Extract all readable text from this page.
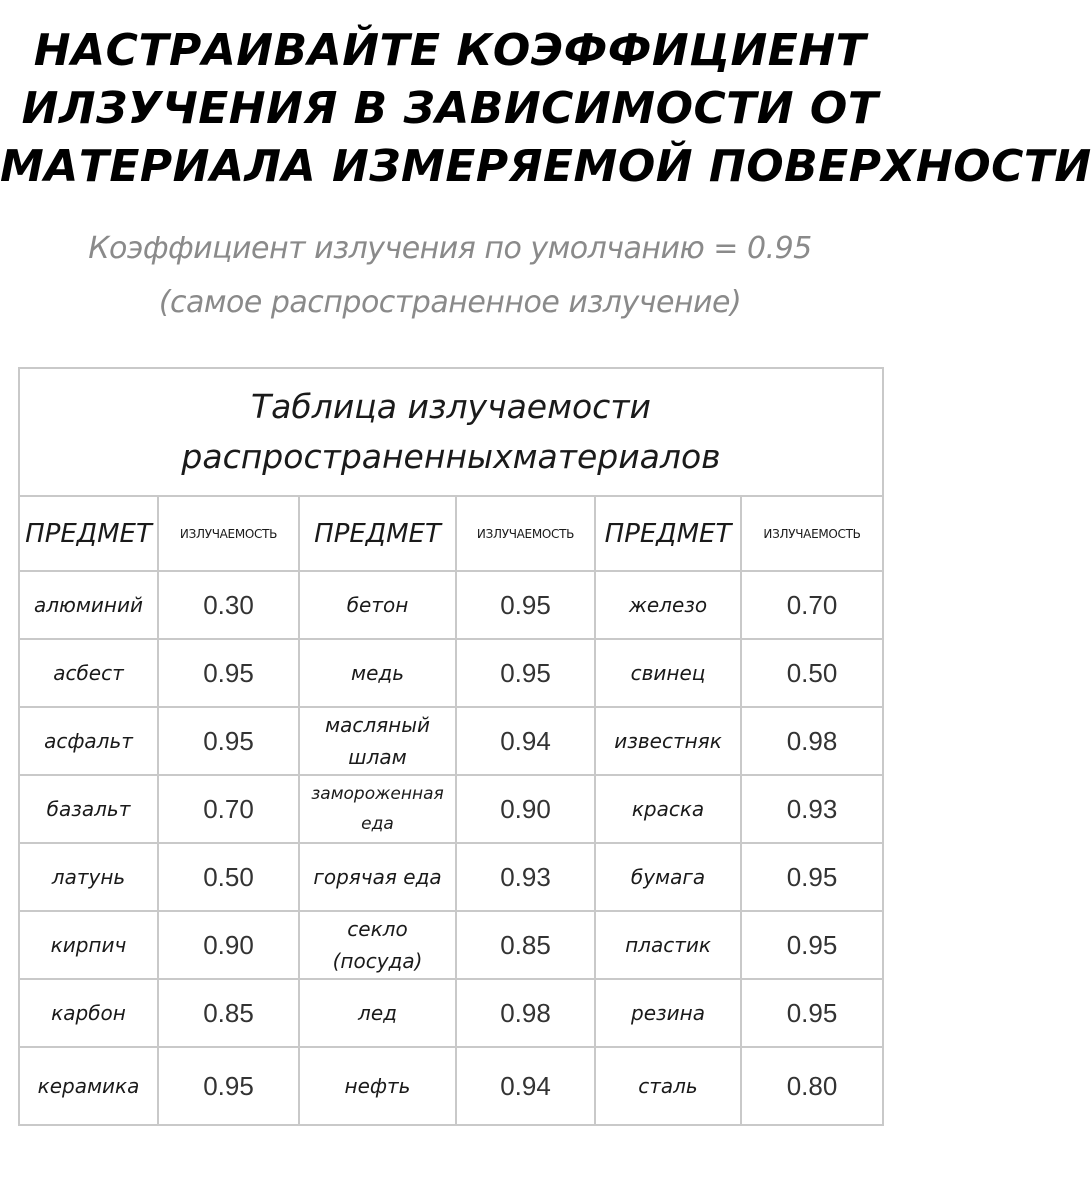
НАСТРАИВАЙТЕ КОЭФФИЦИЕНТ
ИЛЗУЧЕНИЯ В ЗАВИСИМОСТИ ОТ
МАТЕРИАЛА ИЗМЕРЯЕМОЙ ПОВЕРХНОСТИ
Коэффициент излучения по умолчанию = 0.95
(самое распространенное излучение)
Таблица излучаемости
распространенныхматериалов					

ПРЕДМЕТ	ИЗЛУЧАЕМОСТЬ	ПРЕДМЕТ	ИЗЛУЧАЕМОСТЬ	ПРЕДМЕТ	ИЗЛУЧАЕМОСТЬ
алюминий	0.30	бетон	0.95	железо	0.70
асбест	0.95	медь	0.95	свинец	0.50
асфальт	0.95	масляный шлам	0.94	известняк	0.98
базальт	0.70	замороженная еда	0.90	краска	0.93
латунь	0.50	горячая еда	0.93	бумага	0.95
кирпич	0.90	секло (посуда)	0.85	пластик	0.95
карбон	0.85	лед	0.98	резина	0.95
керамика	0.95	нефть	0.94	сталь	0.80
